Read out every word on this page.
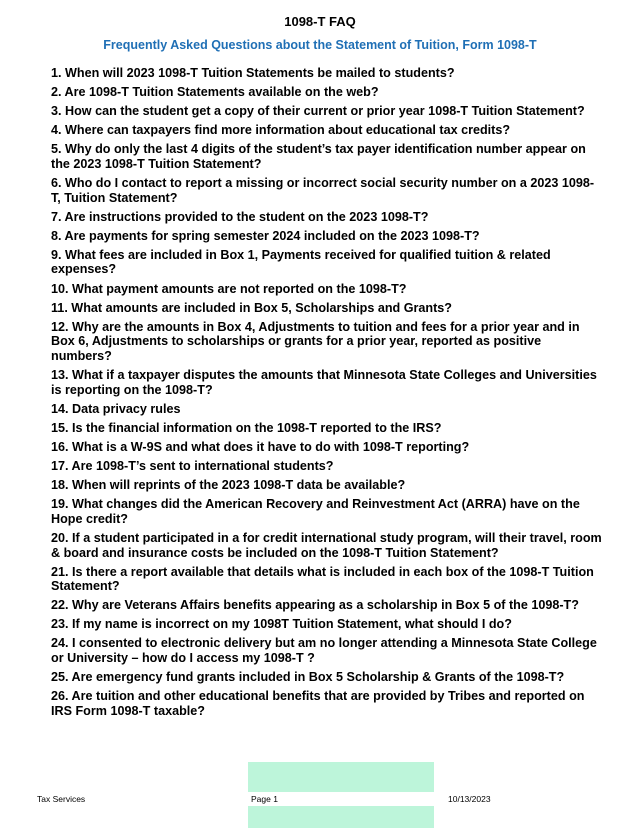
1098-T FAQ
Frequently Asked Questions about the Statement of Tuition, Form 1098-T
1. When will 2023 1098-T Tuition Statements be mailed to students?
2. Are 1098-T Tuition Statements available on the web?
3. How can the student get a copy of their current or prior year 1098-T Tuition Statement?
4. Where can taxpayers find more information about educational tax credits?
5. Why do only the last 4 digits of the student’s tax payer identification number appear on the 2023 1098-T Tuition Statement?
6. Who do I contact to report a missing or incorrect social security number on a 2023 1098-T, Tuition Statement?
7. Are instructions provided to the student on the 2023 1098-T?
8. Are payments for spring semester 2024 included on the 2023 1098-T?
9. What fees are included in Box 1, Payments received for qualified tuition & related expenses?
10. What payment amounts are not reported on the 1098-T?
11. What amounts are included in Box 5, Scholarships and Grants?
12. Why are the amounts in Box 4, Adjustments to tuition and fees for a prior year and in Box 6, Adjustments to scholarships or grants for a prior year, reported as positive numbers?
13. What if a taxpayer disputes the amounts that Minnesota State Colleges and Universities is reporting on the 1098-T?
14. Data privacy rules
15. Is the financial information on the 1098-T reported to the IRS?
16. What is a W-9S and what does it have to do with 1098-T reporting?
17. Are 1098-T’s sent to international students?
18. When will reprints of the 2023 1098-T data be available?
19. What changes did the American Recovery and Reinvestment Act (ARRA) have on the Hope credit?
20. If a student participated in a for credit international study program, will their travel, room & board and insurance costs be included on the 1098-T Tuition Statement?
21. Is there a report available that details what is included in each box of the 1098-T Tuition Statement?
22. Why are Veterans Affairs benefits appearing as a scholarship in Box 5 of the 1098-T?
23. If my name is incorrect on my 1098T Tuition Statement, what should I do?
24. I consented to electronic delivery but am no longer attending a Minnesota State College or University – how do I access my 1098-T ?
25. Are emergency fund grants included in Box 5 Scholarship & Grants of the 1098-T?
26. Are tuition and other educational benefits that are provided by Tribes and reported on IRS Form 1098-T taxable?
Tax Services	Page 1	10/13/2023
